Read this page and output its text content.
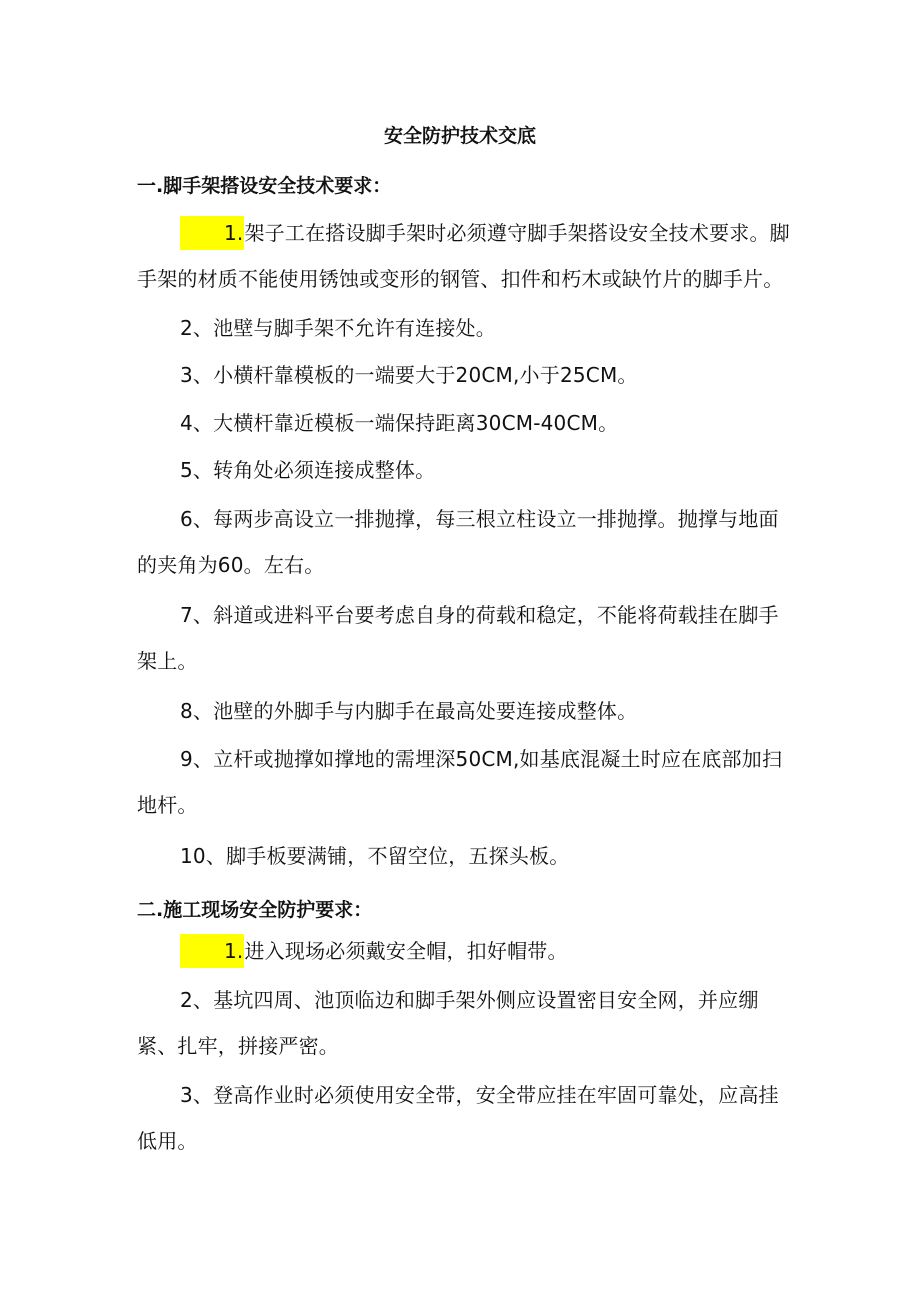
安全防护技术交底
一.脚手架搭设安全技术要求：

1.架子工在搭设脚手架时必须遵守脚手架搭设安全技术要求。脚手架的材质不能使用锈蚀或变形的钢管、扣件和朽木或缺竹片的脚手片。

2、池壁与脚手架不允许有连接处。

3、小横杆靠模板的一端要大于20CM,小于25CM。

4、大横杆靠近模板一端保持距离30CM-40CM。

5、转角处必须连接成整体。

6、每两步高设立一排抛撑，每三根立柱设立一排抛撑。抛撑与地面的夹角为60。左右。

7、斜道或进料平台要考虑自身的荷载和稳定，不能将荷载挂在脚手架上。

8、池壁的外脚手与内脚手在最高处要连接成整体。

9、立杆或抛撑如撑地的需埋深50CM,如基底混凝土时应在底部加扫地杆。

10、脚手板要满铺，不留空位，五探头板。

二.施工现场安全防护要求：

1.进入现场必须戴安全帽，扣好帽带。

2、基坑四周、池顶临边和脚手架外侧应设置密目安全网，并应绷紧、扎牢，拼接严密。

3、登高作业时必须使用安全带，安全带应挂在牢固可靠处，应高挂低用。
